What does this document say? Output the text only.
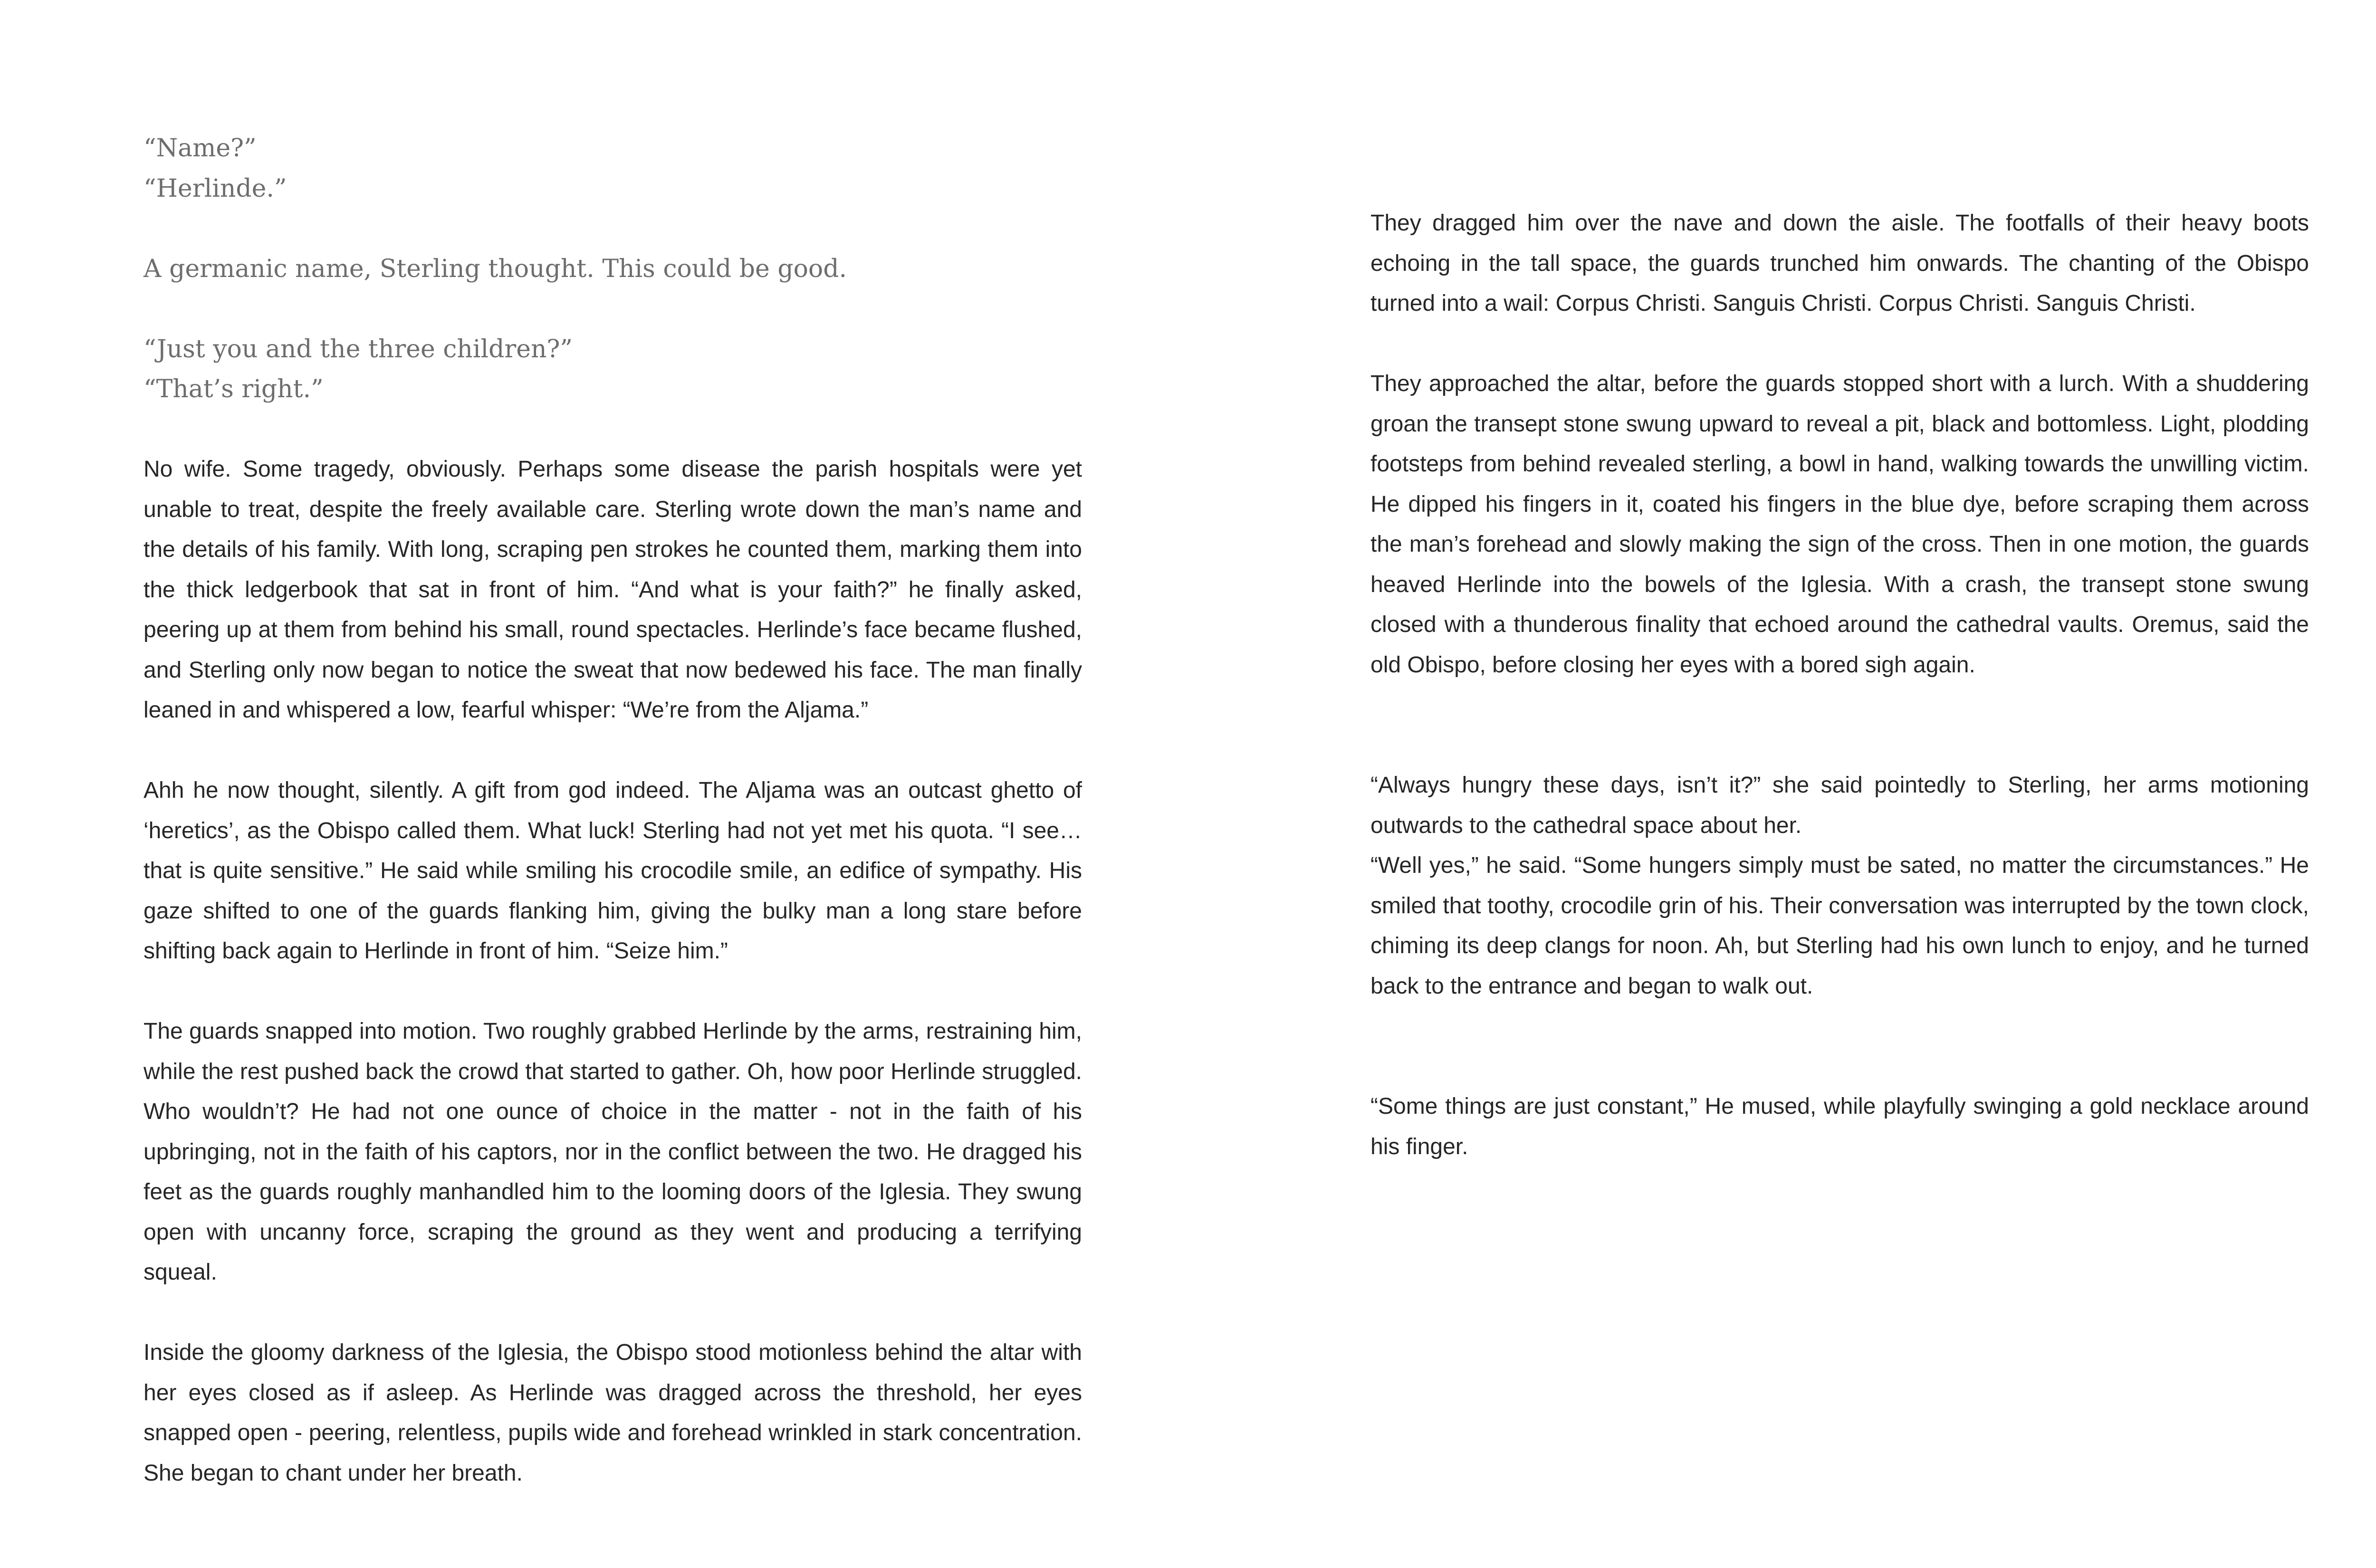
“Name?”
“Herlinde.”

A germanic name, Sterling thought. This could be good.

“Just you and the three children?”
“That’s right.”

No wife. Some tragedy, obviously. Perhaps some disease the parish hospitals were yet unable to treat, despite the freely available care. Sterling wrote down the man’s name and the details of his family. With long, scraping pen strokes he counted them, marking them into the thick ledgerbook that sat in front of him. “And what is your faith?” he finally asked, peering up at them from behind his small, round spectacles. Herlinde’s face became flushed, and Sterling only now began to notice the sweat that now bedewed his face. The man finally leaned in and whispered a low, fearful whisper: “We’re from the Aljama.”

Ahh he now thought, silently. A gift from god indeed. The Aljama was an outcast ghetto of ‘heretics’, as the Obispo called them. What luck! Sterling had not yet met his quota. “I see… that is quite sensitive.” He said while smiling his crocodile smile, an edifice of sympathy. His gaze shifted to one of the guards flanking him, giving the bulky man a long stare before shifting back again to Herlinde in front of him. “Seize him.”

The guards snapped into motion. Two roughly grabbed Herlinde by the arms, restraining him, while the rest pushed back the crowd that started to gather. Oh, how poor Herlinde struggled. Who wouldn’t? He had not one ounce of choice in the matter - not in the faith of his upbringing, not in the faith of his captors, nor in the conflict between the two. He dragged his feet as the guards roughly manhandled him to the looming doors of the Iglesia. They swung open with uncanny force, scraping the ground as they went and producing a terrifying squeal.

Inside the gloomy darkness of the Iglesia, the Obispo stood motionless behind the altar with her eyes closed as if asleep. As Herlinde was dragged across the threshold, her eyes snapped open - peering, relentless, pupils wide and forehead wrinkled in stark concentration. She began to chant under her breath.

They dragged him over the nave and down the aisle. The footfalls of their heavy boots echoing in the tall space, the guards trunched him onwards. The chanting of the Obispo turned into a wail: Corpus Christi. Sanguis Christi. Corpus Christi. Sanguis Christi.

They approached the altar, before the guards stopped short with a lurch. With a shuddering groan the transept stone swung upward to reveal a pit, black and bottomless. Light, plodding footsteps from behind revealed sterling, a bowl in hand, walking towards the unwilling victim. He dipped his fingers in it, coated his fingers in the blue dye, before scraping them across the man’s forehead and slowly making the sign of the cross. Then in one motion, the guards heaved Herlinde into the bowels of the Iglesia. With a crash, the transept stone swung closed with a thunderous finality that echoed around the cathedral vaults. Oremus, said the old Obispo, before closing her eyes with a bored sigh again.

“Always hungry these days, isn’t it?” she said pointedly to Sterling, her arms motioning outwards to the cathedral space about her.
“Well yes,” he said. “Some hungers simply must be sated, no matter the circumstances.” He smiled that toothy, crocodile grin of his. Their conversation was interrupted by the town clock, chiming its deep clangs for noon. Ah, but Sterling had his own lunch to enjoy, and he turned back to the entrance and began to walk out.

“Some things are just constant,” He mused, while playfully swinging a gold necklace around his finger.
